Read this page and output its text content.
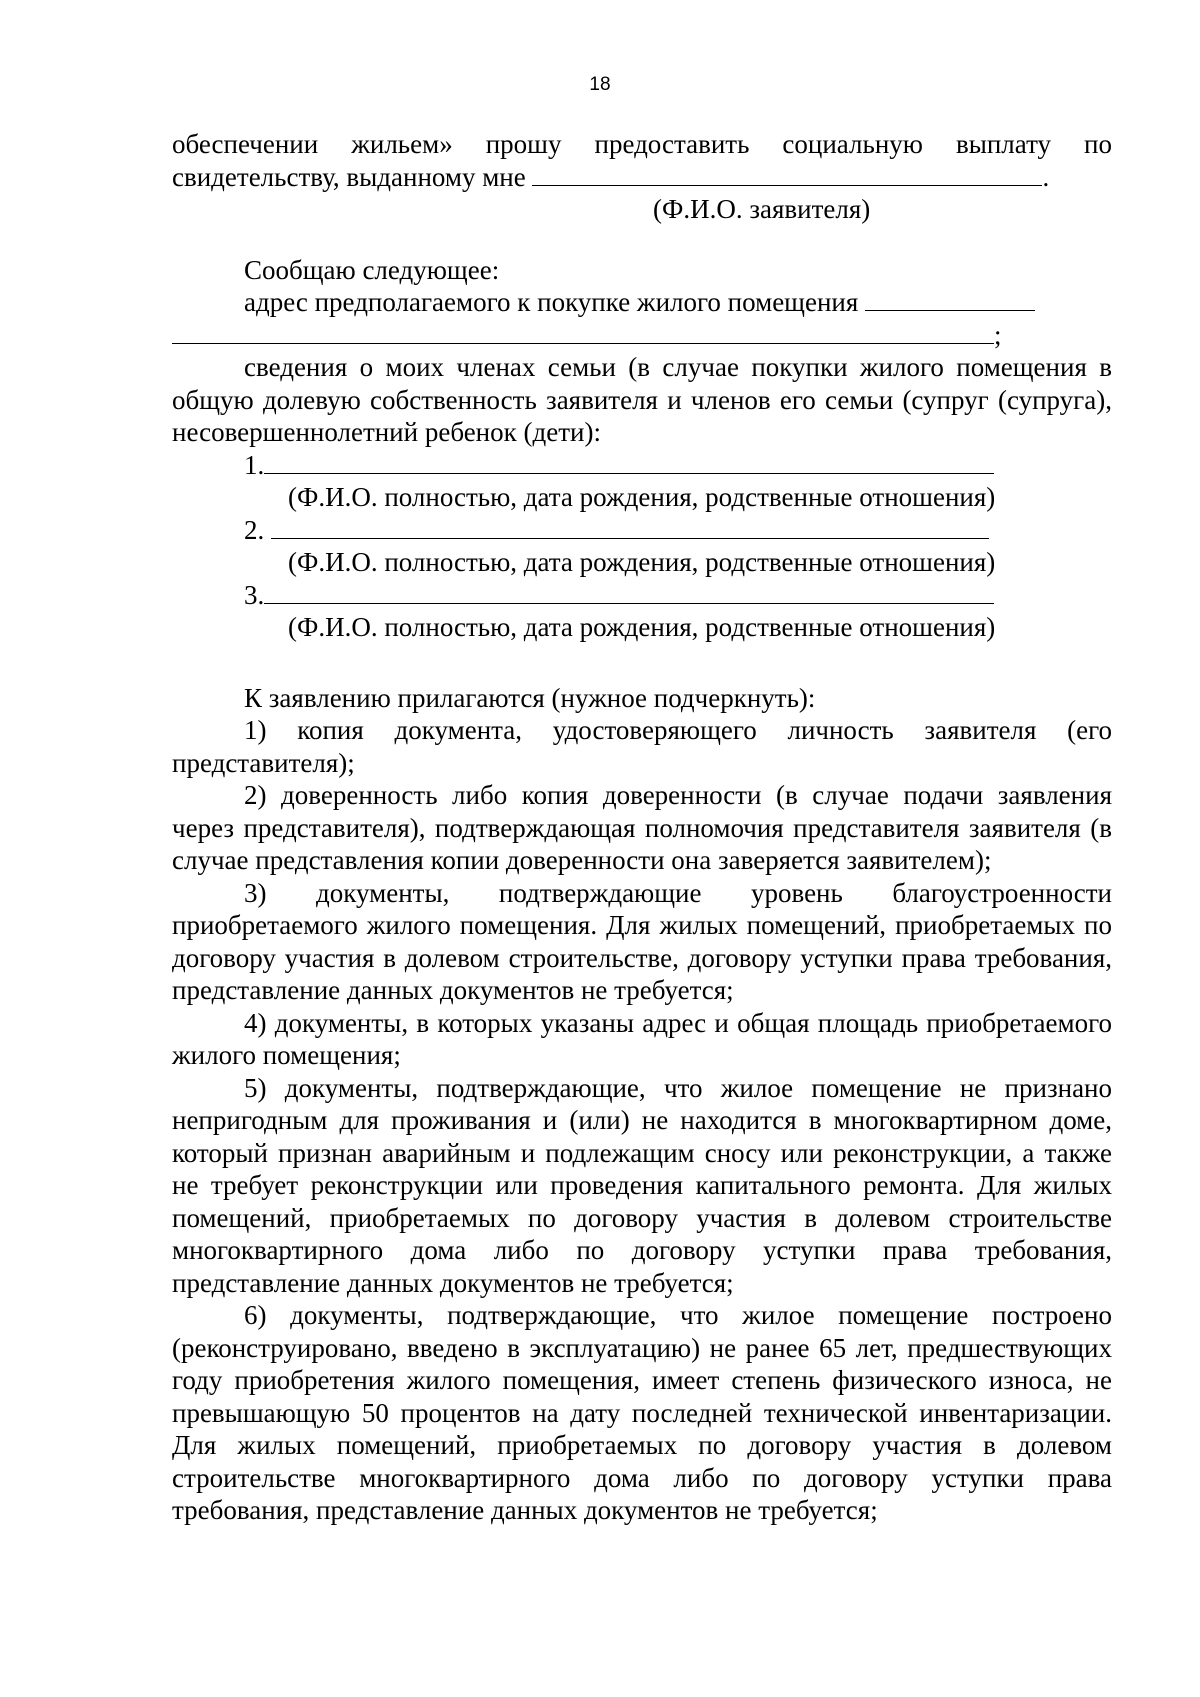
18

обеспечении жильем» прошу предоставить социальную выплату по

свидетельству, выданному мне	.
(Ф.И.О. заявителя)

Сообщаю следующее:

адрес предполагаемого к покупке жилого помещения
;

сведения о моих членах семьи (в случае покупки жилого помещения в общую долевую собственность заявителя и членов его семьи (супруг (супруга), несовершеннолетний ребенок (дети):

1.
(Ф.И.О. полностью, дата рождения, родственные отношения)
2.
(Ф.И.О. полностью, дата рождения, родственные отношения)
3.
(Ф.И.О. полностью, дата рождения, родственные отношения)

К заявлению прилагаются (нужное подчеркнуть):

1) копия документа, удостоверяющего личность заявителя (его представителя);

2) доверенность либо копия доверенности (в случае подачи заявления через представителя), подтверждающая полномочия представителя заявителя (в случае представления копии доверенности она заверяется заявителем);

3) документы, подтверждающие уровень благоустроенности приобретаемого жилого помещения. Для жилых помещений, приобретаемых по договору участия в долевом строительстве, договору уступки права требования, представление данных документов не требуется;

4) документы, в которых указаны адрес и общая площадь приобретаемого жилого помещения;

5) документы, подтверждающие, что жилое помещение не признано непригодным для проживания и (или) не находится в многоквартирном доме, который признан аварийным и подлежащим сносу или реконструкции, а также не требует реконструкции или проведения капитального ремонта. Для жилых помещений, приобретаемых по договору участия в долевом строительстве многоквартирного дома либо по договору уступки права требования, представление данных документов не требуется;

6) документы, подтверждающие, что жилое помещение построено (реконструировано, введено в эксплуатацию) не ранее 65 лет, предшествующих году приобретения жилого помещения, имеет степень физического износа, не превышающую 50 процентов на дату последней технической инвентаризации. Для жилых помещений, приобретаемых по договору участия в долевом строительстве многоквартирного дома либо по договору уступки права требования, представление данных документов не требуется;
